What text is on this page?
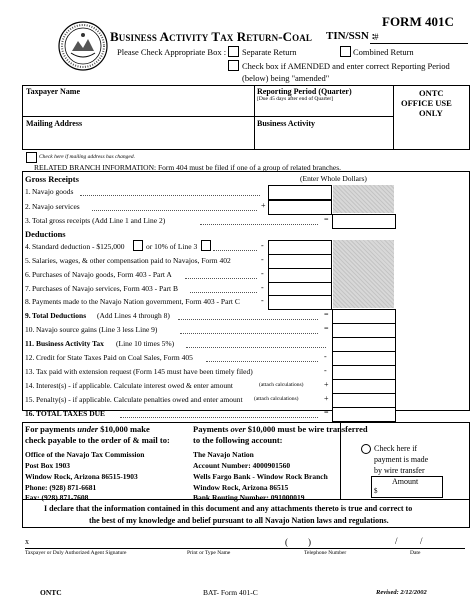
FORM 401C
Business Activity Tax Return-Coal TIN/SSN :
#
Please Check Appropriate Box : Separate Return	Combined Return
Check box if AMENDED and enter correct Reporting Period
(below) being "amended"
Taxpayer Name	Reporting Period (Quarter)
[Due 45 days after end of Quarter]
ONTC
OFFICE USE
ONLY
Mailing Address	Business Activity
Check here if mailing address has changed.
RELATED BRANCH INFORMATION: Form 404 must be filed if one of a group of related branches.
Gross Receipts	(Enter Whole Dollars)
1. Navajo goods
2. Navajo services	+
3. Total gross receipts (Add Line 1 and Line 2)	=
Deductions
4. Standard deduction - $125,000	or 10% of Line 3	-
5. Salaries, wages, & other compensation paid to Navajos, Form 402	-
6. Purchases of Navajo goods, Form 403 - Part A	-
7. Purchases of Navajo services, Form 403 - Part B	-
8. Payments made to the Navajo Nation government, Form 403 - Part C	-
9. Total Deductions (Add Lines 4 through 8)	=
10. Navajo source gains (Line 3 less Line 9)	=
11. Business Activity Tax (Line 10 times 5%)
12. Credit for State Taxes Paid on Coal Sales, Form 405	-
13. Tax paid with extension request (Form 145 must have been timely filed)	-
14. Interest(s) - if applicable. Calculate interest owed & enter amount	(attach calculations)	+
15. Penalty(s) - if applicable. Calculate penalties owed and enter amount (attach calculations)	+
16. TOTAL TAXES DUE	=
For payments under $10,000 make
check payable to the order of & mail to:
Office of the Navajo Tax Commission
Post Box 1903
Window Rock, Arizona 86515-1903
Phone: (928) 871-6681
Fax: (928) 871-7608
Payments over $10,000 must be wire transferred
to the following account:
The Navajo Nation
Account Number: 4000901560
Wells Fargo Bank - Window Rock Branch
Window Rock, Arizona 86515
Bank Routing Number: 091000019
Check here if
payment is made
by wire transfer
Amount
$
I declare that the information contained in this document and any attachments thereto is true and correct to
the best of my knowledge and belief pursuant to all Navajo Nation laws and regulations.
x	( )	/          /
Taxpayer or Duly Authorized Agent Signature	Print or Type Name	Telephone Number	Date
ONTC	BAT- Form 401-C	Revised: 2/12/2002
